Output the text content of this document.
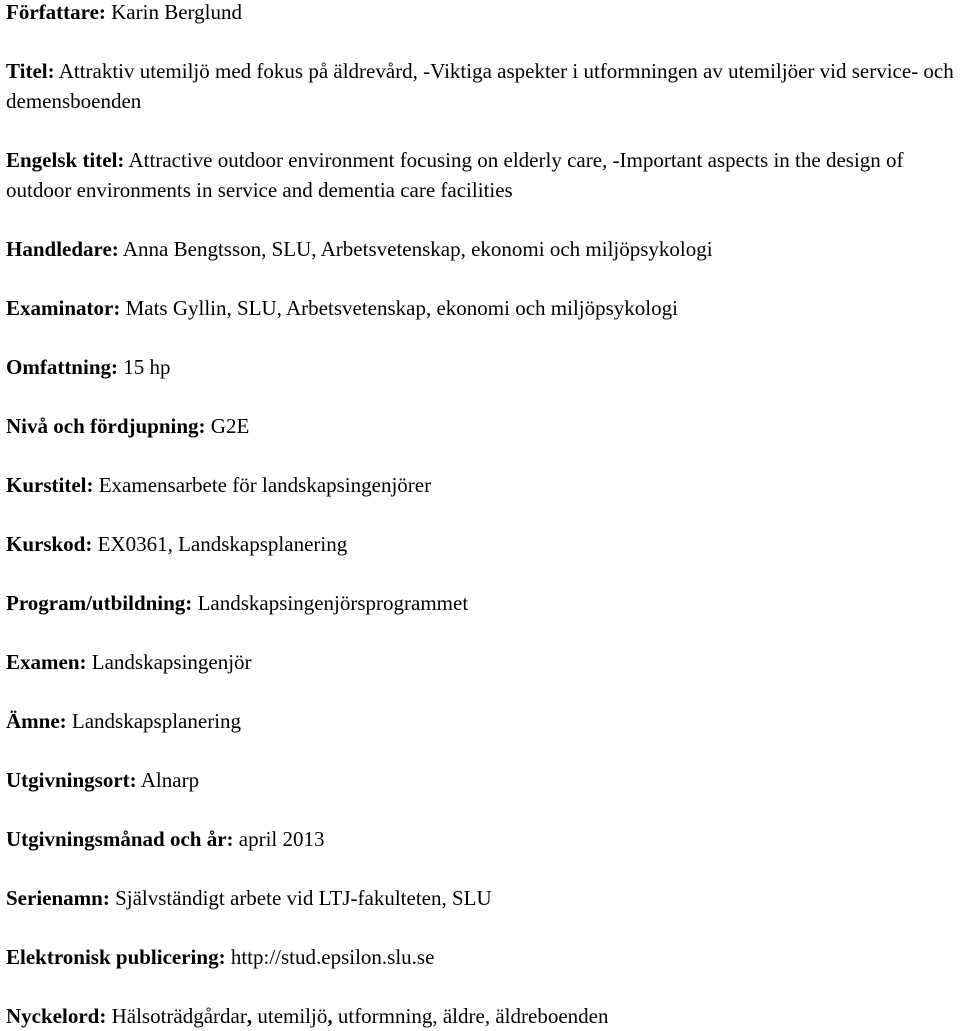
Författare: Karin Berglund

Titel: Attraktiv utemiljö med fokus på äldrevård, -Viktiga aspekter i utformningen av utemiljöer vid service- och demensboenden

Engelsk titel: Attractive outdoor environment focusing on elderly care, -Important aspects in the design of outdoor environments in service and dementia care facilities

Handledare: Anna Bengtsson, SLU, Arbetsvetenskap, ekonomi och miljöpsykologi

Examinator: Mats Gyllin, SLU, Arbetsvetenskap, ekonomi och miljöpsykologi

Omfattning: 15 hp

Nivå och fördjupning: G2E

Kurstitel: Examensarbete för landskapsingenjörer

Kurskod: EX0361, Landskapsplanering

Program/utbildning: Landskapsingenjörsprogrammet

Examen: Landskapsingenjör

Ämne: Landskapsplanering

Utgivningsort: Alnarp

Utgivningsmånad och år: april 2013

Serienamn: Självständigt arbete vid LTJ-fakulteten, SLU

Elektronisk publicering: http://stud.epsilon.slu.se

Nyckelord: Hälsoträdgårdar, utemiljö, utformning, äldre, äldreboenden
